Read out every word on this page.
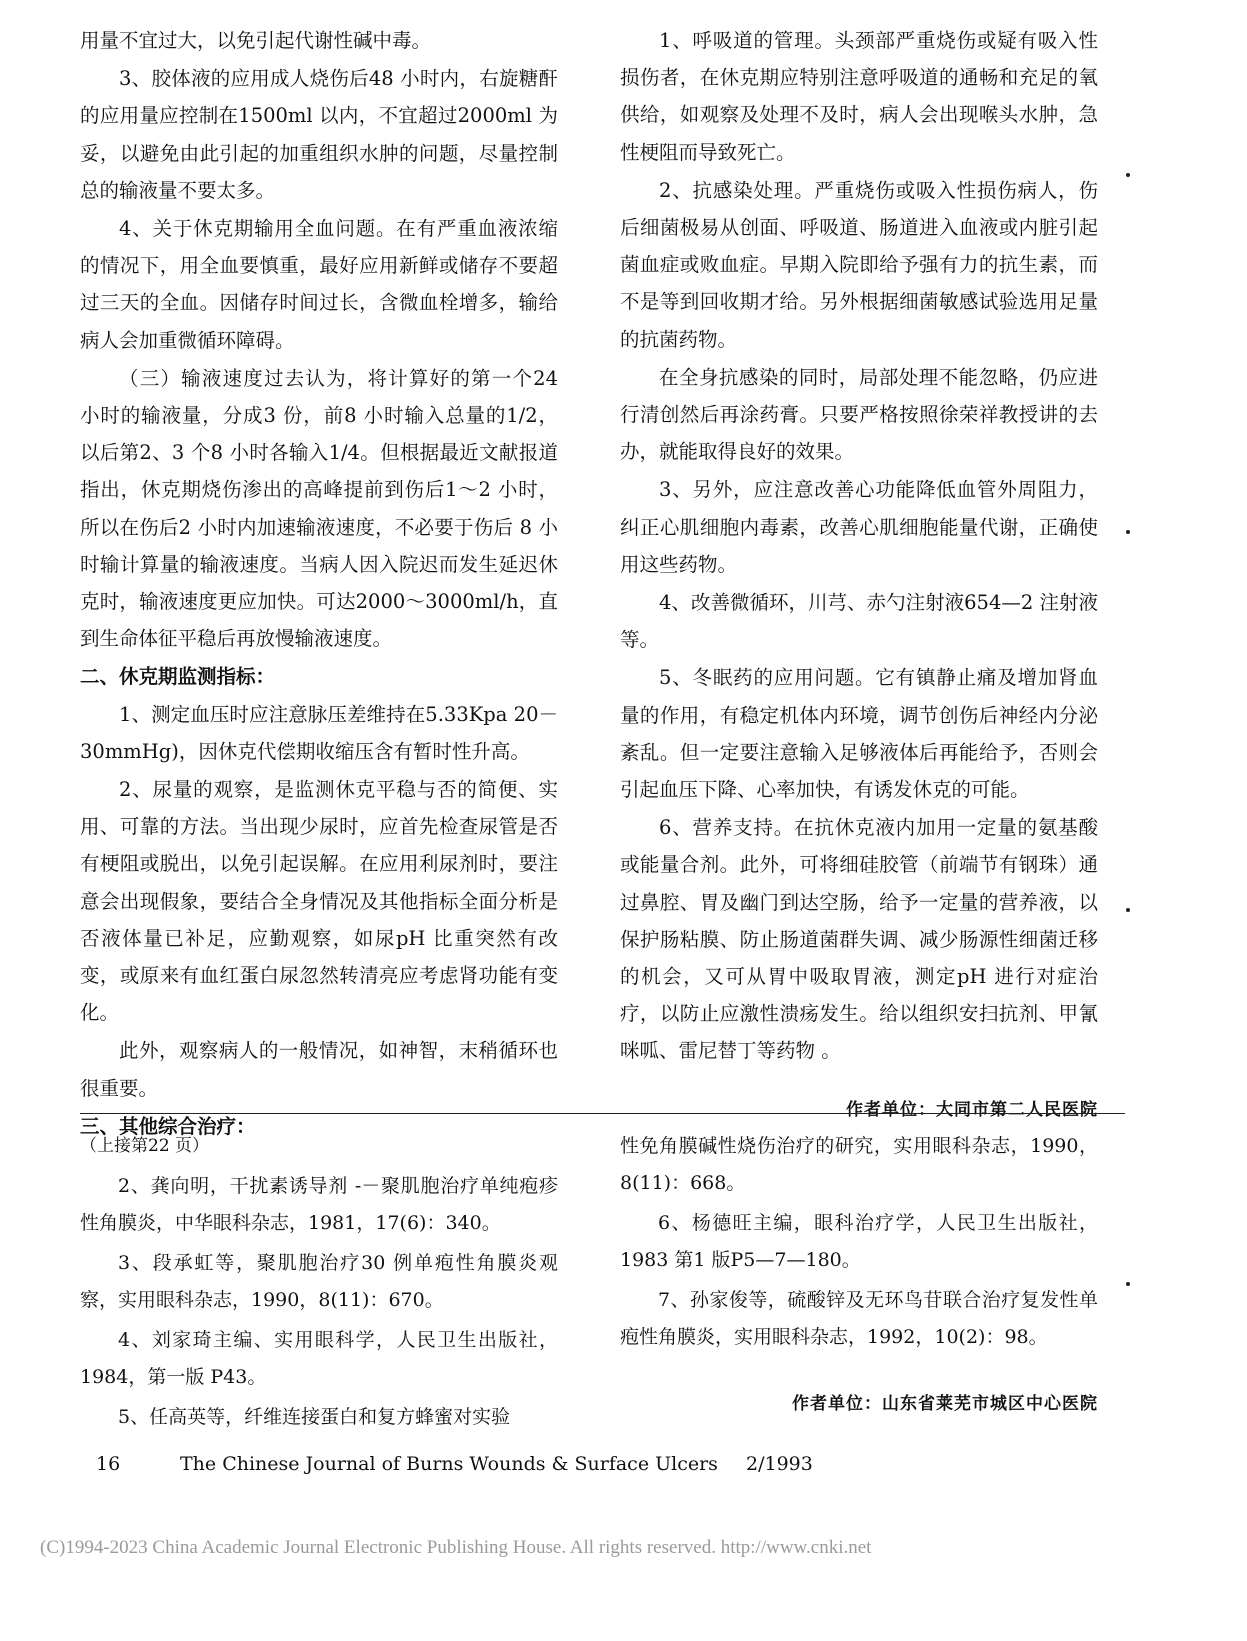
用量不宜过大，以免引起代谢性碱中毒。

3、胶体液的应用成人烧伤后48 小时内，右旋糖酐的应用量应控制在1500ml 以内，不宜超过2000ml 为妥，以避免由此引起的加重组织水肿的问题，尽量控制总的输液量不要太多。

4、关于休克期输用全血问题。在有严重血液浓缩的情况下，用全血要慎重，最好应用新鲜或储存不要超过三天的全血。因储存时间过长，含微血栓增多，输给病人会加重微循环障碍。

（三）输液速度过去认为，将计算好的第一个24 小时的输液量，分成3 份，前8 小时输入总量的1/2，以后第2、3 个8 小时各输入1/4。但根据最近文献报道指出，休克期烧伤渗出的高峰提前到伤后1～2 小时，所以在伤后2 小时内加速输液速度，不必要于伤后 8 小时输计算量的输液速度。当病人因入院迟而发生延迟休克时，输液速度更应加快。可达2000～3000ml/h，直到生命体征平稳后再放慢输液速度。

二、休克期监测指标：

1、测定血压时应注意脉压差维持在5.33Kpa 20－30mmHg)，因休克代偿期收缩压含有暂时性升高。

2、尿量的观察，是监测休克平稳与否的简便、实用、可靠的方法。当出现少尿时，应首先检查尿管是否有梗阻或脱出，以免引起误解。在应用利尿剂时，要注意会出现假象，要结合全身情况及其他指标全面分析是否液体量已补足，应勤观察，如尿pH 比重突然有改变，或原来有血红蛋白尿忽然转清亮应考虑肾功能有变化。

此外，观察病人的一般情况，如神智，末稍循环也很重要。

三、其他综合治疗：

1、呼吸道的管理。头颈部严重烧伤或疑有吸入性损伤者，在休克期应特别注意呼吸道的通畅和充足的氧供给，如观察及处理不及时，病人会出现喉头水肿，急性梗阻而导致死亡。

2、抗感染处理。严重烧伤或吸入性损伤病人，伤后细菌极易从创面、呼吸道、肠道进入血液或内脏引起菌血症或败血症。早期入院即给予强有力的抗生素，而不是等到回收期才给。另外根据细菌敏感试验选用足量的抗菌药物。

在全身抗感染的同时，局部处理不能忽略，仍应进行清创然后再涂药膏。只要严格按照徐荣祥教授讲的去办，就能取得良好的效果。

3、另外，应注意改善心功能降低血管外周阻力，纠正心肌细胞内毒素，改善心肌细胞能量代谢，正确使用这些药物。

4、改善微循环，川芎、赤勺注射液654—2 注射液等。

5、冬眠药的应用问题。它有镇静止痛及增加肾血量的作用，有稳定机体内环境，调节创伤后神经内分泌紊乱。但一定要注意输入足够液体后再能给予，否则会引起血压下降、心率加快，有诱发休克的可能。

6、营养支持。在抗休克液内加用一定量的氨基酸或能量合剂。此外，可将细硅胶管（前端节有钢珠）通过鼻腔、胃及幽门到达空肠，给予一定量的营养液，以保护肠粘膜、防止肠道菌群失调、减少肠源性细菌迁移的机会，又可从胃中吸取胃液，测定pH 进行对症治疗，以防止应激性溃疡发生。给以组织安扫抗剂、甲氰咪呱、雷尼替丁等药物 。

作者单位：大同市第二人民医院

（上接第22 页）

2、龚向明，干扰素诱导剂 -－聚肌胞治疗单纯疱疹性角膜炎，中华眼科杂志，1981，17(6)：340。

3、段承虹等，聚肌胞治疗30 例单疱性角膜炎观察，实用眼科杂志，1990，8(11)：670。

4、刘家琦主编、实用眼科学，人民卫生出版社，1984，第一版 P43。

5、任高英等，纤维连接蛋白和复方蜂蜜对实验

性免角膜碱性烧伤治疗的研究，实用眼科杂志，1990，8(11)：668。

6、杨德旺主编，眼科治疗学，人民卫生出版社，1983 第1 版P5—7—180。

7、孙家俊等，硫酸锌及无环鸟苷联合治疗复发性单疱性角膜炎，实用眼科杂志，1992，10(2)：98。

作者单位：山东省莱芜市城区中心医院
16	The Chinese Journal of Burns Wounds & Surface Ulcers 2/1993
(C)1994-2023 China Academic Journal Electronic Publishing House. All rights reserved. http://www.cnki.net
